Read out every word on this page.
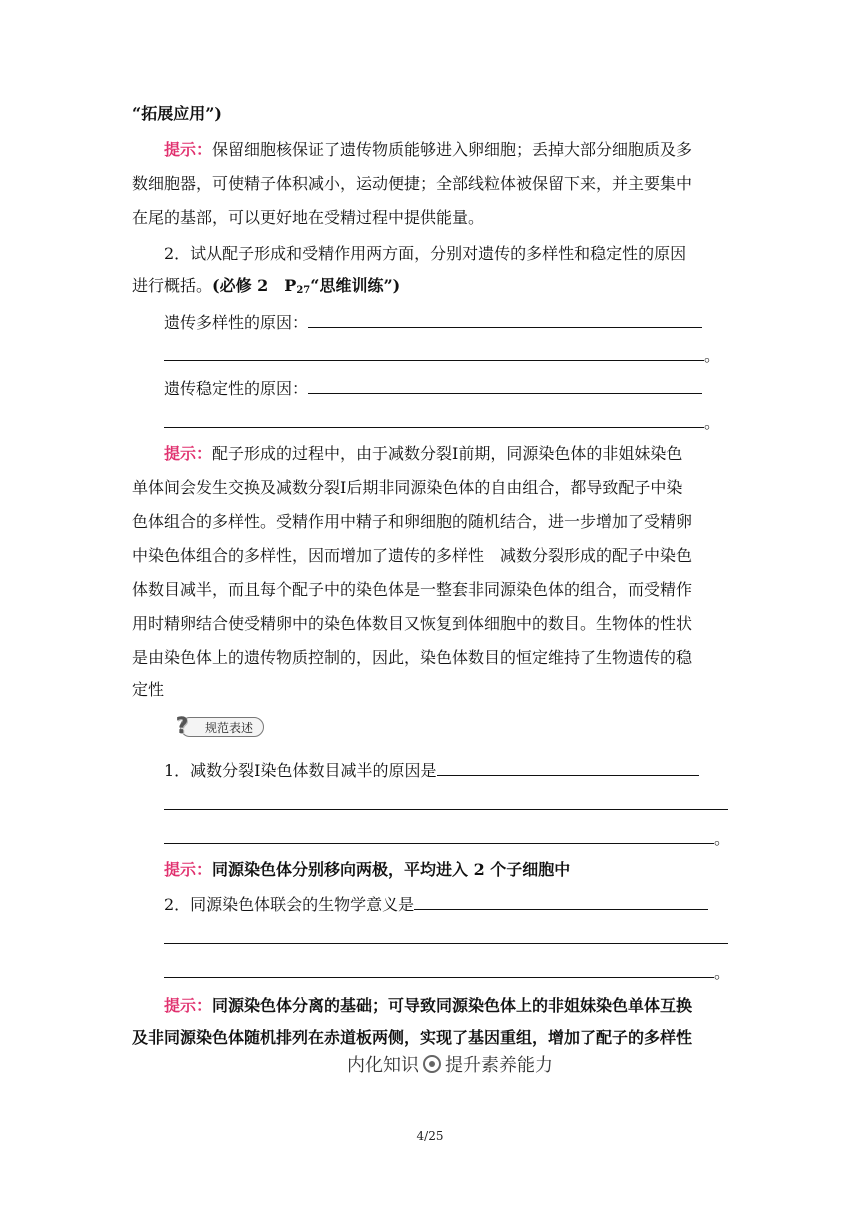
“拓展应用”)
提示：保留细胞核保证了遗传物质能够进入卵细胞；丢掉大部分细胞质及多
数细胞器，可使精子体积减小，运动便捷；全部线粒体被保留下来，并主要集中
在尾的基部，可以更好地在受精过程中提供能量。
2．试从配子形成和受精作用两方面，分别对遗传的多样性和稳定性的原因
进行概括。(必修 2　$P_{27}“$思维训练”)
遗传多样性的原因：
。
遗传稳定性的原因：
。
提示：配子形成的过程中，由于减数分裂Ⅰ前期，同源染色体的非姐妹染色
单体间会发生交换及减数分裂Ⅰ后期非同源染色体的自由组合，都导致配子中染
色体组合的多样性。受精作用中精子和卵细胞的随机结合，进一步增加了受精卵
中染色体组合的多样性，因而增加了遗传的多样性　减数分裂形成的配子中染色
体数目减半，而且每个配子中的染色体是一整套非同源染色体的组合，而受精作
用时精卵结合使受精卵中的染色体数目又恢复到体细胞中的数目。生物体的性状
是由染色体上的遗传物质控制的，因此，染色体数目的恒定维持了生物遗传的稳
定性
规范表述
?
1．减数分裂Ⅰ染色体数目减半的原因是
。
提示：同源染色体分别移向两极，平均进入 2 个子细胞中
2．同源染色体联会的生物学意义是
。
提示：同源染色体分离的基础；可导致同源染色体上的非姐妹染色单体互换
及非同源染色体随机排列在赤道板两侧，实现了基因重组，增加了配子的多样性
内化知识 提升素养能力
4/25
